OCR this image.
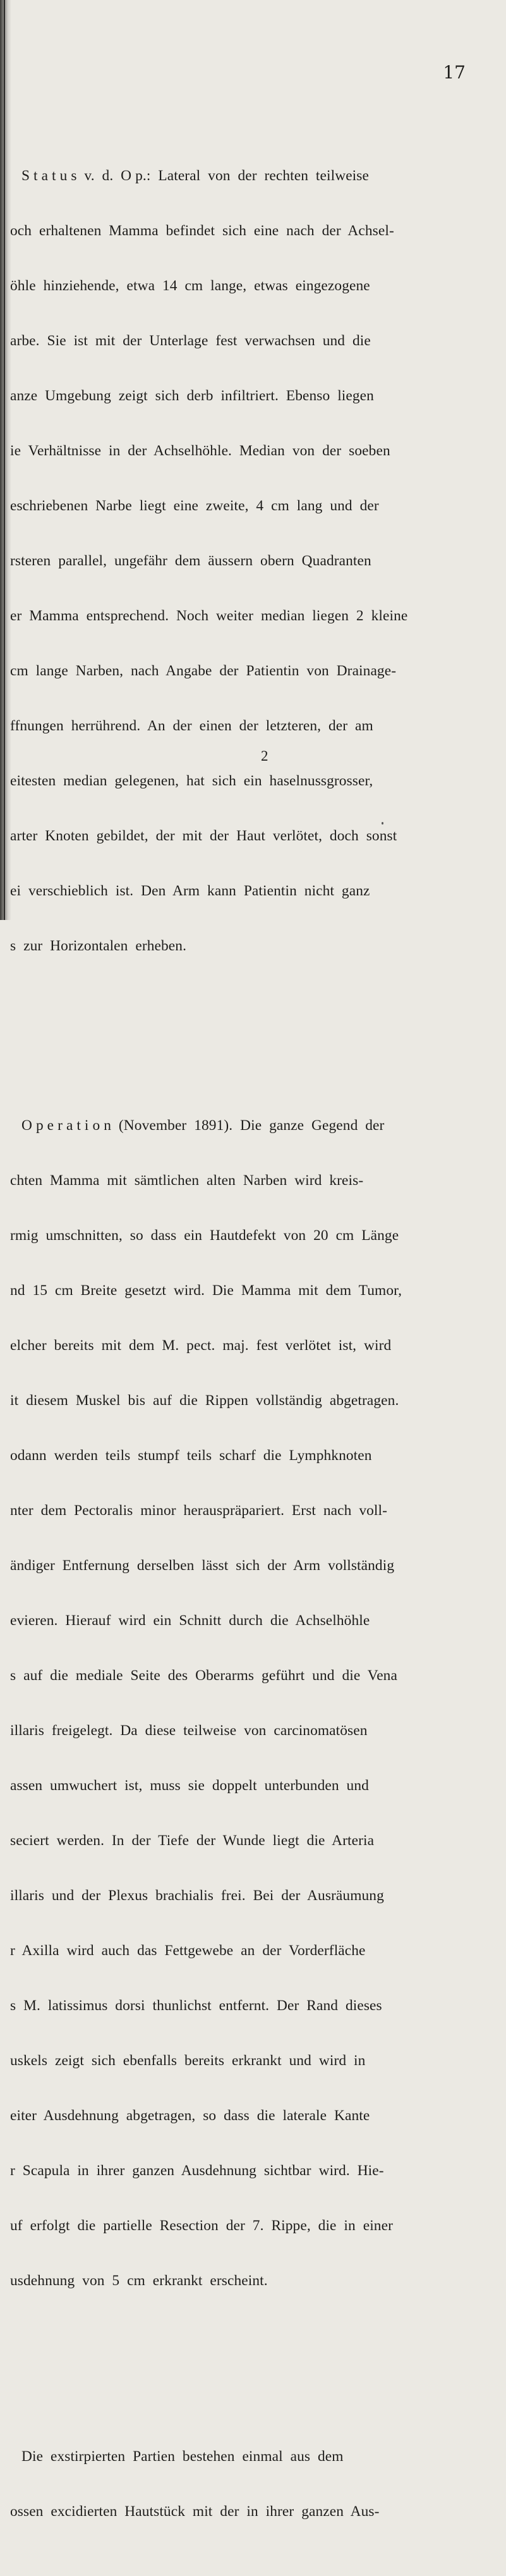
17

S t a t u s  v.  d.  O p.:  Lateral  von  der  rechten  teilweise

och  erhaltenen  Mamma  befindet  sich  eine  nach  der  Achsel-

öhle  hinziehende,  etwa  14  cm  lange,  etwas  eingezogene

arbe.  Sie  ist  mit  der  Unterlage  fest  verwachsen  und  die

anze  Umgebung  zeigt  sich  derb  infiltriert.  Ebenso  liegen

ie  Verhältnisse  in  der  Achselhöhle.  Median  von  der  soeben

eschriebenen  Narbe  liegt  eine  zweite,  4  cm  lang  und  der

rsteren  parallel,  ungefähr  dem  äussern  obern  Quadranten

er  Mamma  entsprechend.  Noch  weiter  median  liegen  2  kleine

cm  lange  Narben,  nach  Angabe  der  Patientin  von  Drainage-

ffnungen  herrührend.  An  der  einen  der  letzteren,  der  am

eitesten  median  gelegenen,  hat  sich  ein  haselnussgrosser,

arter  Knoten  gebildet,  der  mit  der  Haut  verlötet,  doch  sonst

ei  verschieblich  ist.  Den  Arm  kann  Patientin  nicht  ganz

s  zur  Horizontalen  erheben.

O p e r a t i o n  (November  1891).  Die  ganze  Gegend  der

chten  Mamma  mit  sämtlichen  alten  Narben  wird  kreis-

rmig  umschnitten,  so  dass  ein  Hautdefekt  von  20  cm  Länge

nd  15  cm  Breite  gesetzt  wird.  Die  Mamma  mit  dem  Tumor,

elcher  bereits  mit  dem  M.  pect.  maj.  fest  verlötet  ist,  wird

it  diesem  Muskel  bis  auf  die  Rippen  vollständig  abgetragen.

odann  werden  teils  stumpf  teils  scharf  die  Lymphknoten

nter  dem  Pectoralis  minor  herauspräpariert.  Erst  nach  voll-

ändiger  Entfernung  derselben  lässt  sich  der  Arm  vollständig

evieren.  Hierauf  wird  ein  Schnitt  durch  die  Achselhöhle

s  auf  die  mediale  Seite  des  Oberarms  geführt  und  die  Vena

illaris  freigelegt.  Da  diese  teilweise  von  carcinomatösen

assen  umwuchert  ist,  muss  sie  doppelt  unterbunden  und

seciert  werden.  In  der  Tiefe  der  Wunde  liegt  die  Arteria

illaris  und  der  Plexus  brachialis  frei.  Bei  der  Ausräumung

r  Axilla  wird  auch  das  Fettgewebe  an  der  Vorderfläche

s  M.  latissimus  dorsi  thunlichst  entfernt.  Der  Rand  dieses

uskels  zeigt  sich  ebenfalls  bereits  erkrankt  und  wird  in

eiter  Ausdehnung  abgetragen,  so  dass  die  laterale  Kante

r  Scapula  in  ihrer  ganzen  Ausdehnung  sichtbar  wird.  Hie-

uf  erfolgt  die  partielle  Resection  der  7.  Rippe,  die  in  einer

usdehnung  von  5  cm  erkrankt  erscheint.

Die  exstirpierten  Partien  bestehen  einmal  aus  dem

ossen  excidierten  Hautstück  mit  der  in  ihrer  ganzen  Aus-

2
